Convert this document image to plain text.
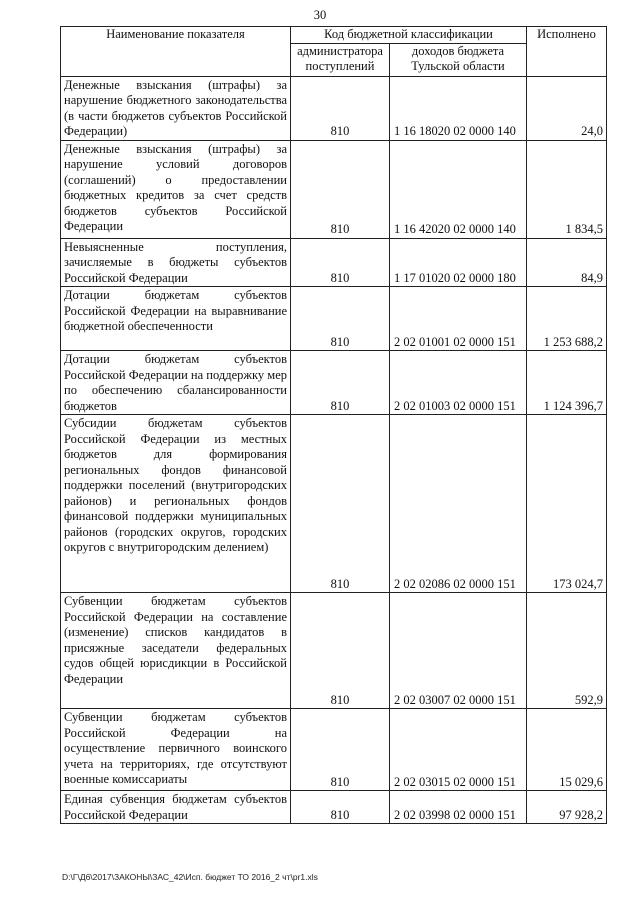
30
Наименование показателя	Код бюджетной классификации		Исполнено
	администратора поступлений	доходов бюджета Тульской области	
Денежные взыскания (штрафы) за нарушение бюджетного законодательства (в части бюджетов субъектов Российской Федерации)	810	1 16 18020 02 0000 140	24,0
Денежные взыскания (штрафы) за нарушение условий договоров (соглашений) о предоставлении бюджетных кредитов за счет средств бюджетов субъектов Российской Федерации	810	1 16 42020 02 0000 140	1 834,5
Невыясненные поступления, зачисляемые в бюджеты субъектов Российской Федерации	810	1 17 01020 02 0000 180	84,9
Дотации бюджетам субъектов Российской Федерации на выравнивание бюджетной обеспеченности	810	2 02 01001 02 0000 151	1 253 688,2
Дотации бюджетам субъектов Российской Федерации на поддержку мер по обеспечению сбалансированности бюджетов	810	2 02 01003 02 0000 151	1 124 396,7
Субсидии бюджетам субъектов Российской Федерации из местных бюджетов для формирования региональных фондов финансовой поддержки поселений (внутригородских районов) и региональных фондов финансовой поддержки муниципальных районов (городских округов, городских округов с внутригородским делением)	810	2 02 02086 02 0000 151	173 024,7
Субвенции бюджетам субъектов Российской Федерации на составление (изменение) списков кандидатов в присяжные заседатели федеральных судов общей юрисдикции в Российской Федерации	810	2 02 03007 02 0000 151	592,9
Субвенции бюджетам субъектов Российской Федерации на осуществление первичного воинского учета на территориях, где отсутствуют военные комиссариаты	810	2 02 03015 02 0000 151	15 029,6
Единая субвенция бюджетам субъектов Российской Федерации	810	2 02 03998 02 0000 151	97 928,2
D:\Г\Д6\2017\ЗАКОНЫ\ЗАС_42\Исп. бюджет ТО 2016_2 чт\pr1.xls
